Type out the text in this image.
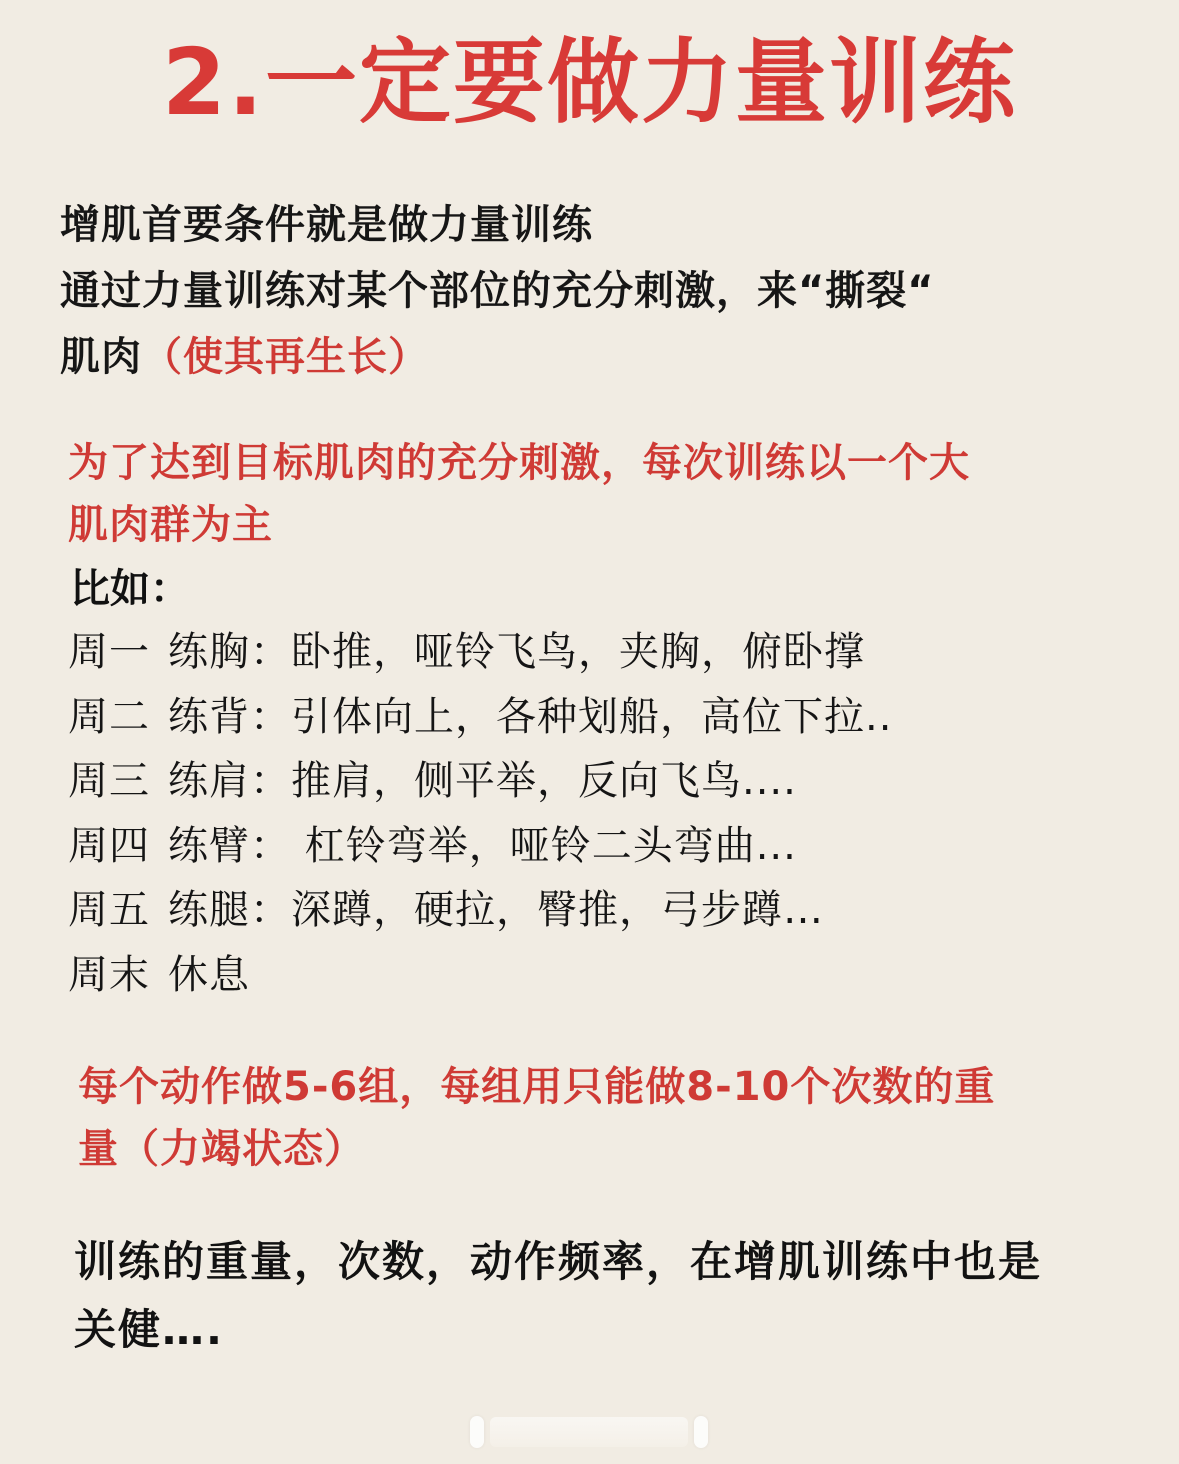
2.一定要做力量训练
增肌首要条件就是做力量训练
通过力量训练对某个部位的充分刺激，来“撕裂“
肌肉（使其再生长）
为了达到目标肌肉的充分刺激，每次训练以一个大
肌肉群为主
比如：
周一 练胸：卧推，哑铃飞鸟，夹胸，俯卧撑
周二 练背：引体向上，各种划船，高位下拉..
周三 练肩：推肩，侧平举，反向飞鸟....
周四 练臂： 杠铃弯举，哑铃二头弯曲...
周五 练腿：深蹲，硬拉，臀推，弓步蹲…
周末 休息
每个动作做5-6组，每组用只能做8-10个次数的重
量（力竭状态）
训练的重量，次数，动作频率，在增肌训练中也是
关健….
